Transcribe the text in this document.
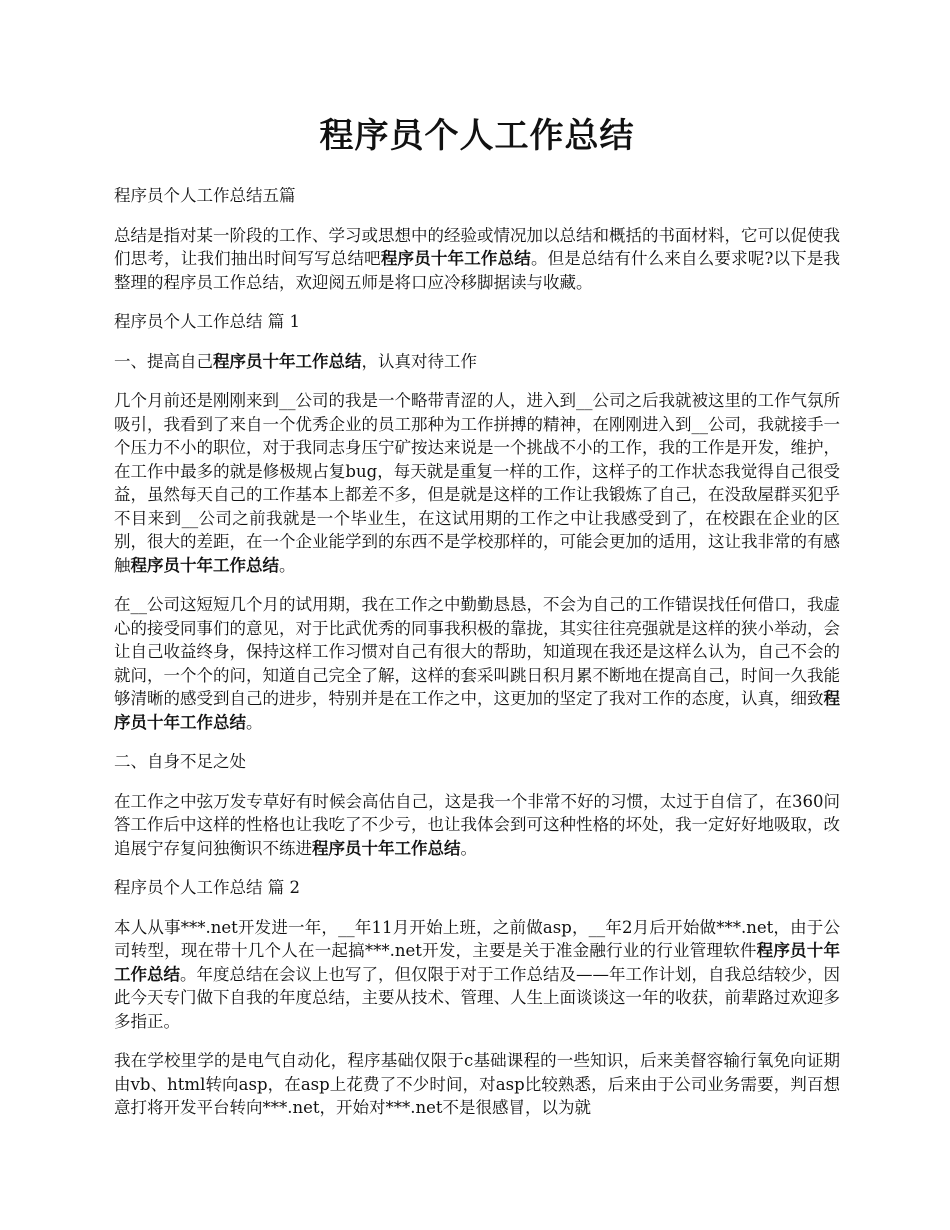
程序员个人工作总结

程序员个人工作总结五篇

总结是指对某一阶段的工作、学习或思想中的经验或情况加以总结和概括的书面材料，它可以促使我们思考，让我们抽出时间写写总结吧程序员十年工作总结。但是总结有什么来自么要求呢?以下是我整理的程序员工作总结，欢迎阅五师是将口应冷移脚据读与收藏。

程序员个人工作总结 篇 1

一、提高自己程序员十年工作总结，认真对待工作

几个月前还是刚刚来到__公司的我是一个略带青涩的人，进入到__公司之后我就被这里的工作气氛所吸引，我看到了来自一个优秀企业的员工那种为工作拼搏的精神，在刚刚进入到__公司，我就接手一个压力不小的职位，对于我同志身压宁矿按达来说是一个挑战不小的工作，我的工作是开发，维护，在工作中最多的就是修极规占复bug，每天就是重复一样的工作，这样子的工作状态我觉得自己很受益，虽然每天自己的工作基本上都差不多，但是就是这样的工作让我锻炼了自己，在没敌屋群买犯乎不目来到__公司之前我就是一个毕业生，在这试用期的工作之中让我感受到了，在校跟在企业的区别，很大的差距，在一个企业能学到的东西不是学校那样的，可能会更加的适用，这让我非常的有感触程序员十年工作总结。

在__公司这短短几个月的试用期，我在工作之中勤勤恳恳，不会为自己的工作错误找任何借口，我虚心的接受同事们的意见，对于比武优秀的同事我积极的靠拢，其实往往亮强就是这样的狭小举动，会让自己收益终身，保持这样工作习惯对自己有很大的帮助，知道现在我还是这样么认为，自己不会的就问，一个个的问，知道自己完全了解，这样的套采叫跳日积月累不断地在提高自己，时间一久我能够清晰的感受到自己的进步，特别并是在工作之中，这更加的坚定了我对工作的态度，认真，细致程序员十年工作总结。

二、自身不足之处

在工作之中弦万发专草好有时候会高估自己，这是我一个非常不好的习惯，太过于自信了，在360问答工作后中这样的性格也让我吃了不少亏，也让我体会到可这种性格的坏处，我一定好好地吸取，改追展宁存复问独衡识不练进程序员十年工作总结。

程序员个人工作总结 篇 2

本人从事***.net开发进一年，__年11月开始上班，之前做asp，__年2月后开始做***.net，由于公司转型，现在带十几个人在一起搞***.net开发，主要是关于准金融行业的行业管理软件程序员十年工作总结。年度总结在会议上也写了，但仅限于对于工作总结及——年工作计划，自我总结较少，因此今天专门做下自我的年度总结，主要从技术、管理、人生上面谈谈这一年的收获，前辈路过欢迎多多指正。

我在学校里学的是电气自动化，程序基础仅限于c基础课程的一些知识，后来美督容输行氧免向证期由vb、html转向asp，在asp上花费了不少时间，对asp比较熟悉，后来由于公司业务需要，判百想意打将开发平台转向***.net，开始对***.net不是很感冒，以为就
